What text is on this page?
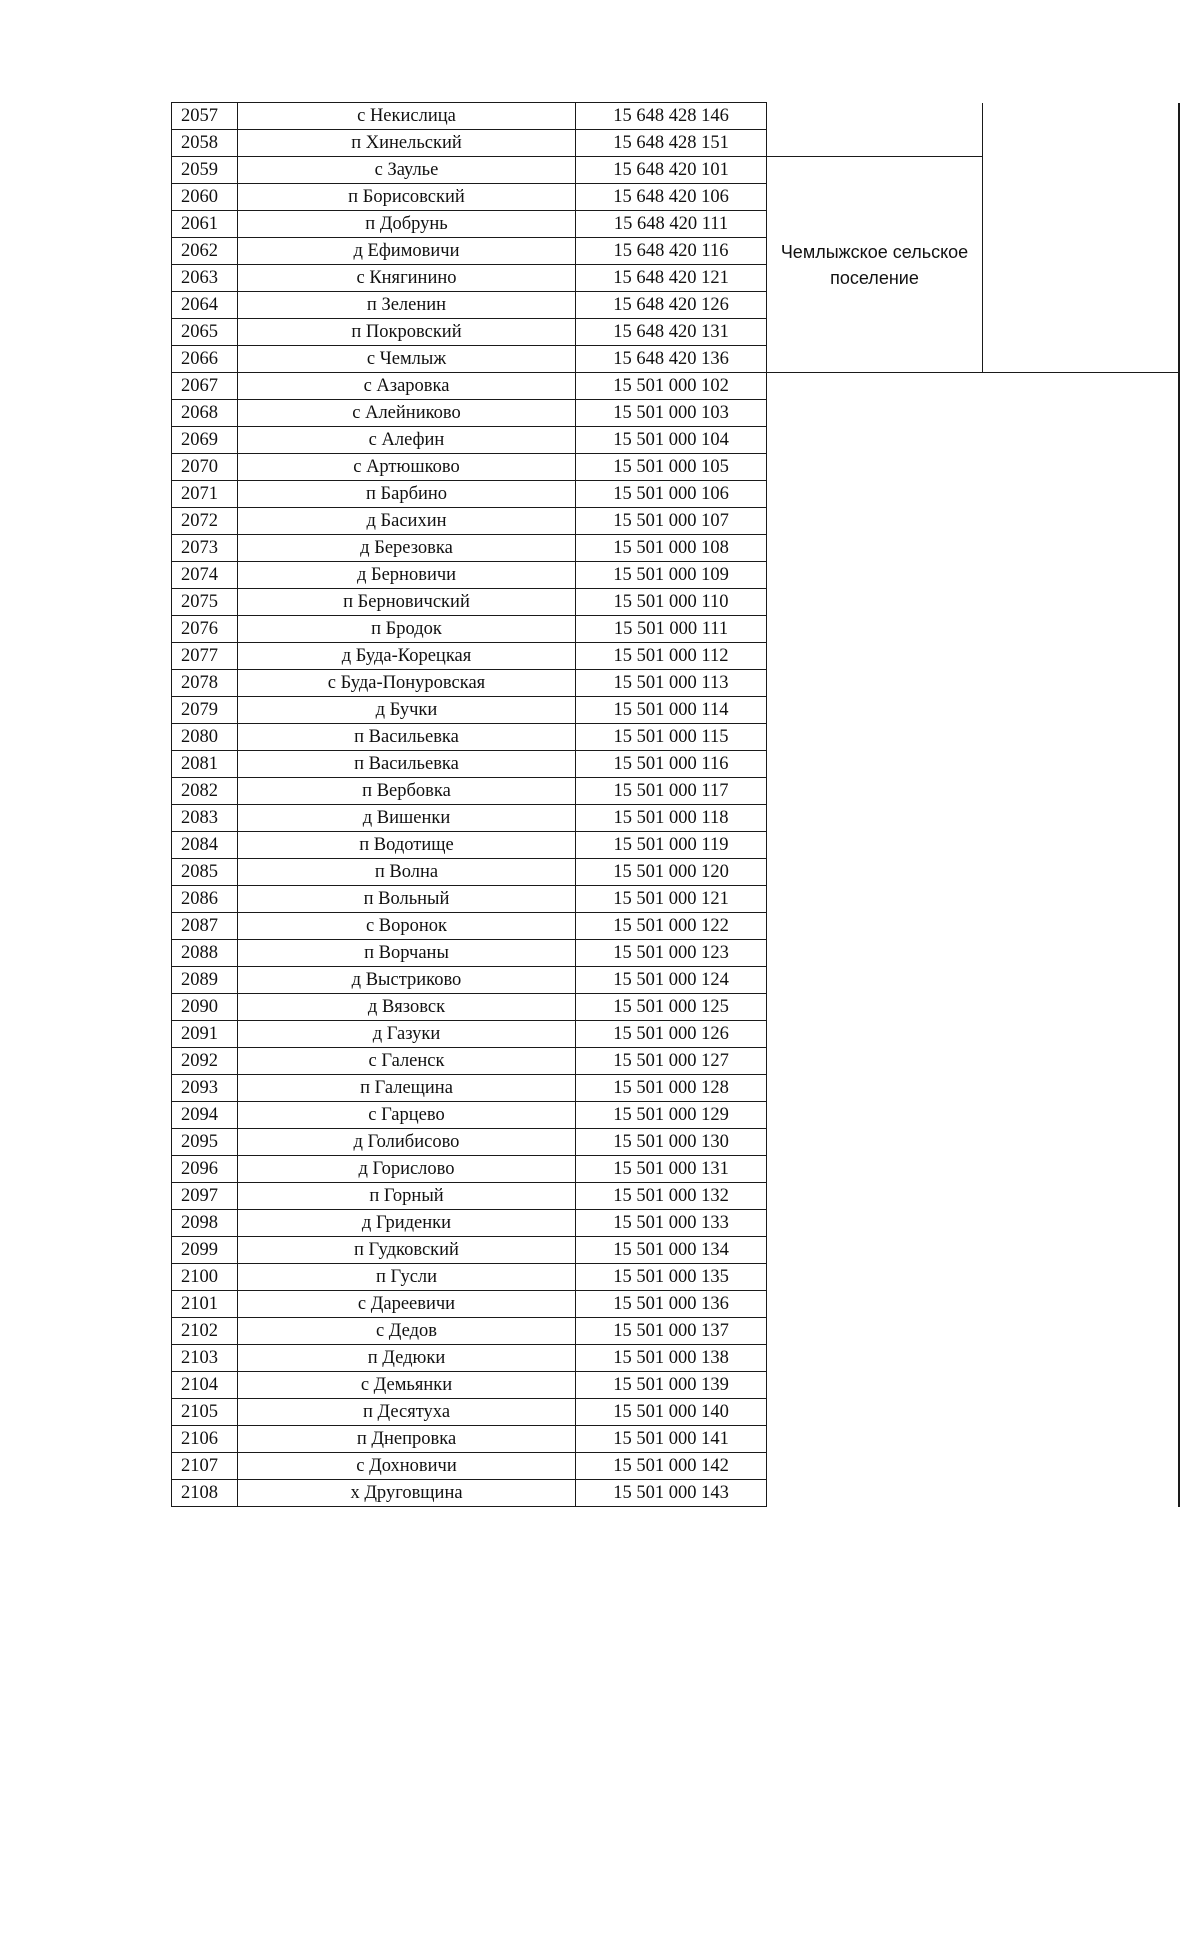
2057	с Некислица	15 648 428 146		
2058	п Хинельский	15 648 428 151		
2059	с Заулье	15 648 420 101	Чемлыжское сельское поселение	
2060	п Борисовский	15 648 420 106		
2061	п Добрунь	15 648 420 111		
2062	д Ефимовичи	15 648 420 116		
2063	с Княгинино	15 648 420 121		
2064	п Зеленин	15 648 420 126		
2065	п Покровский	15 648 420 131		
2066	с Чемлыж	15 648 420 136		
2067	с Азаровка	15 501 000 102		
2068	с Алейниково	15 501 000 103		
2069	с Алефин	15 501 000 104		
2070	с Артюшково	15 501 000 105		
2071	п Барбино	15 501 000 106		
2072	д Басихин	15 501 000 107		
2073	д Березовка	15 501 000 108		
2074	д Берновичи	15 501 000 109		
2075	п Берновичский	15 501 000 110		
2076	п Бродок	15 501 000 111		
2077	д Буда-Корецкая	15 501 000 112		
2078	с Буда-Понуровская	15 501 000 113		
2079	д Бучки	15 501 000 114		
2080	п Васильевка	15 501 000 115		
2081	п Васильевка	15 501 000 116		
2082	п Вербовка	15 501 000 117		
2083	д Вишенки	15 501 000 118		
2084	п Водотище	15 501 000 119		
2085	п Волна	15 501 000 120		
2086	п Вольный	15 501 000 121		
2087	с Воронок	15 501 000 122		
2088	п Ворчаны	15 501 000 123		
2089	д Выстриково	15 501 000 124		
2090	д Вязовск	15 501 000 125		
2091	д Газуки	15 501 000 126		
2092	с Галенск	15 501 000 127		
2093	п Галещина	15 501 000 128		
2094	с Гарцево	15 501 000 129		
2095	д Голибисово	15 501 000 130		
2096	д Горислово	15 501 000 131		
2097	п Горный	15 501 000 132		
2098	д Гриденки	15 501 000 133		
2099	п Гудковский	15 501 000 134		
2100	п Гусли	15 501 000 135		
2101	с Дареевичи	15 501 000 136		
2102	с Дедов	15 501 000 137		
2103	п Дедюки	15 501 000 138		
2104	с Демьянки	15 501 000 139		
2105	п Десятуха	15 501 000 140		
2106	п Днепровка	15 501 000 141		
2107	с Дохновичи	15 501 000 142		
2108	х Друговщина	15 501 000 143		
